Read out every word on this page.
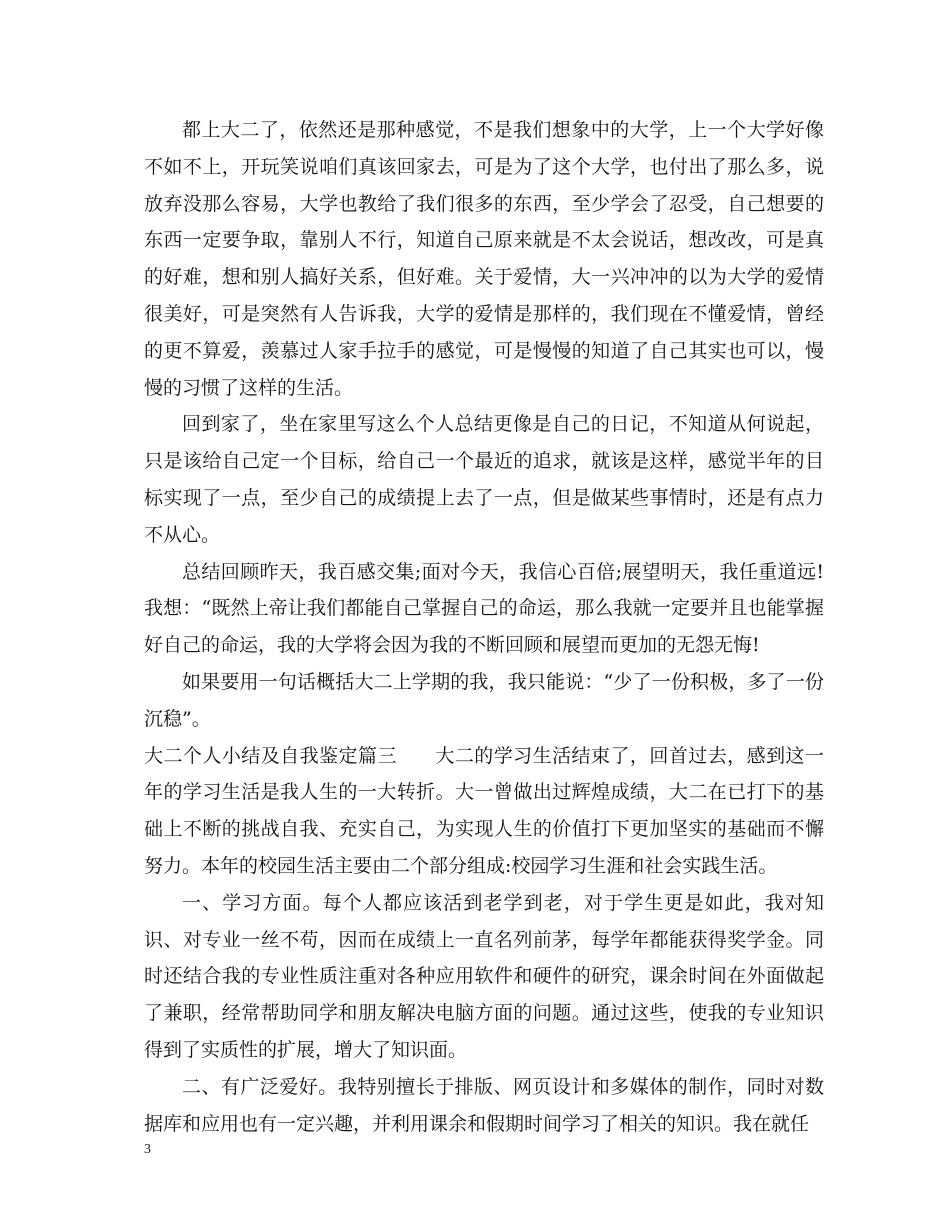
都上大二了，依然还是那种感觉，不是我们想象中的大学，上一个大学好像不如不上，开玩笑说咱们真该回家去，可是为了这个大学，也付出了那么多，说放弃没那么容易，大学也教给了我们很多的东西，至少学会了忍受，自己想要的东西一定要争取，靠别人不行，知道自己原来就是不太会说话，想改改，可是真的好难，想和别人搞好关系，但好难。关于爱情，大一兴冲冲的以为大学的爱情很美好，可是突然有人告诉我，大学的爱情是那样的，我们现在不懂爱情，曾经的更不算爱，羡慕过人家手拉手的感觉，可是慢慢的知道了自己其实也可以，慢慢的习惯了这样的生活。

回到家了，坐在家里写这么个人总结更像是自己的日记，不知道从何说起，只是该给自己定一个目标，给自己一个最近的追求，就该是这样，感觉半年的目标实现了一点，至少自己的成绩提上去了一点，但是做某些事情时，还是有点力不从心。

总结回顾昨天，我百感交集;面对今天，我信心百倍;展望明天，我任重道远!我想：“既然上帝让我们都能自己掌握自己的命运，那么我就一定要并且也能掌握好自己的命运，我的大学将会因为我的不断回顾和展望而更加的无怨无悔!

如果要用一句话概括大二上学期的我，我只能说：“少了一份积极，多了一份沉稳”。

大二个人小结及自我鉴定篇三 大二的学习生活结束了，回首过去，感到这一年的学习生活是我人生的一大转折。大一曾做出过辉煌成绩，大二在已打下的基础上不断的挑战自我、充实自己，为实现人生的价值打下更加坚实的基础而不懈努力。本年的校园生活主要由二个部分组成:校园学习生涯和社会实践生活。

一、学习方面。每个人都应该活到老学到老，对于学生更是如此，我对知识、对专业一丝不苟，因而在成绩上一直名列前茅，每学年都能获得奖学金。同时还结合我的专业性质注重对各种应用软件和硬件的研究，课余时间在外面做起了兼职，经常帮助同学和朋友解决电脑方面的问题。通过这些，使我的专业知识得到了实质性的扩展，增大了知识面。

二、有广泛爱好。我特别擅长于排版、网页设计和多媒体的制作，同时对数据库和应用也有一定兴趣，并利用课余和假期时间学习了相关的知识。我在就任

3
